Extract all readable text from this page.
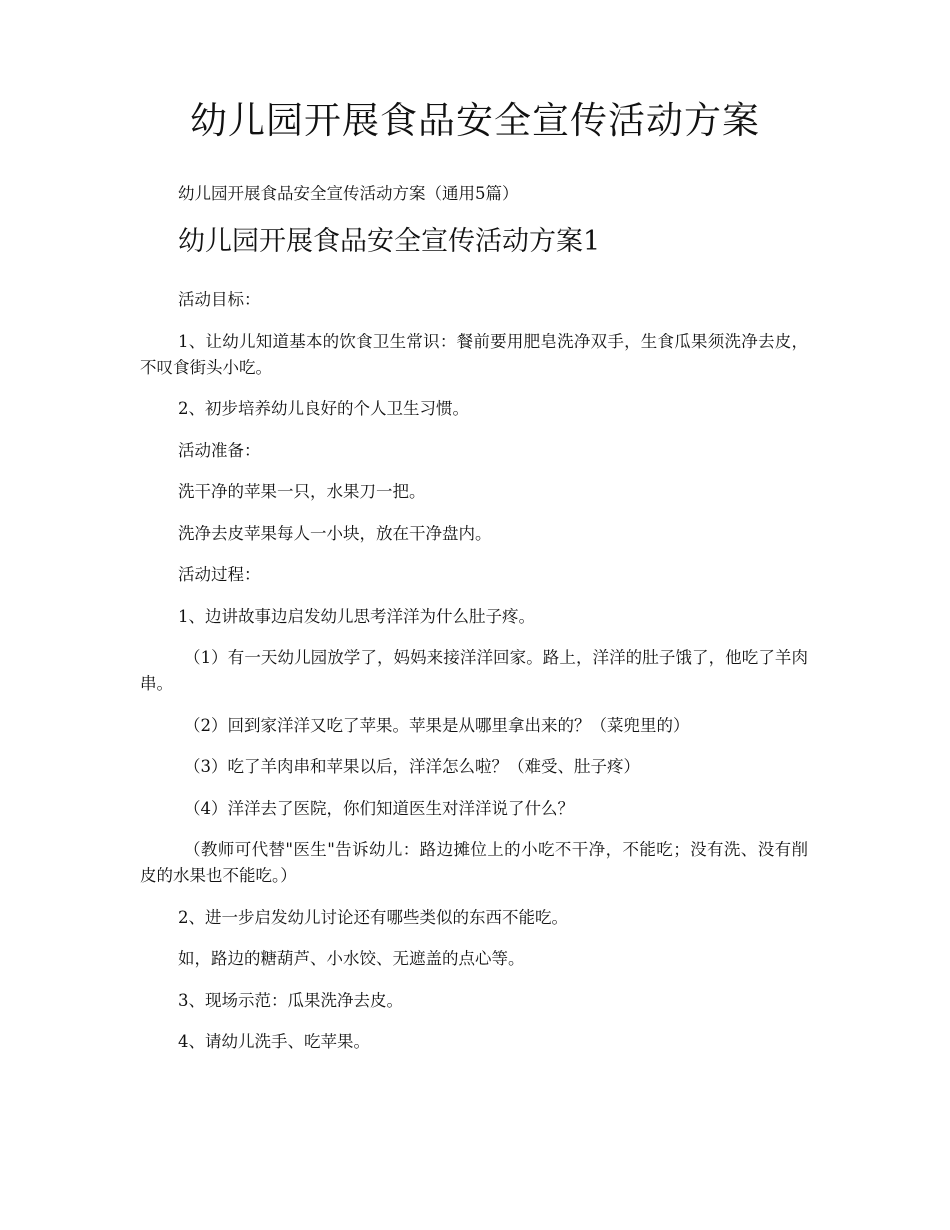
幼儿园开展食品安全宣传活动方案

幼儿园开展食品安全宣传活动方案（通用5篇）

幼儿园开展食品安全宣传活动方案1

活动目标：

1、让幼儿知道基本的饮食卫生常识：餐前要用肥皂洗净双手，生食瓜果须洗净去皮，不叹食街头小吃。

2、初步培养幼儿良好的个人卫生习惯。

活动准备：

洗干净的苹果一只，水果刀一把。

洗净去皮苹果每人一小块，放在干净盘内。

活动过程：

1、边讲故事边启发幼儿思考洋洋为什么肚子疼。

（1）有一天幼儿园放学了，妈妈来接洋洋回家。路上，洋洋的肚子饿了，他吃了羊肉串。

（2）回到家洋洋又吃了苹果。苹果是从哪里拿出来的？（菜兜里的）

（3）吃了羊肉串和苹果以后，洋洋怎么啦？（难受、肚子疼）

（4）洋洋去了医院，你们知道医生对洋洋说了什么？

（教师可代替"医生"告诉幼儿：路边摊位上的小吃不干净，不能吃；没有洗、没有削皮的水果也不能吃。）

2、进一步启发幼儿讨论还有哪些类似的东西不能吃。

如，路边的糖葫芦、小水饺、无遮盖的点心等。

3、现场示范：瓜果洗净去皮。

4、请幼儿洗手、吃苹果。
